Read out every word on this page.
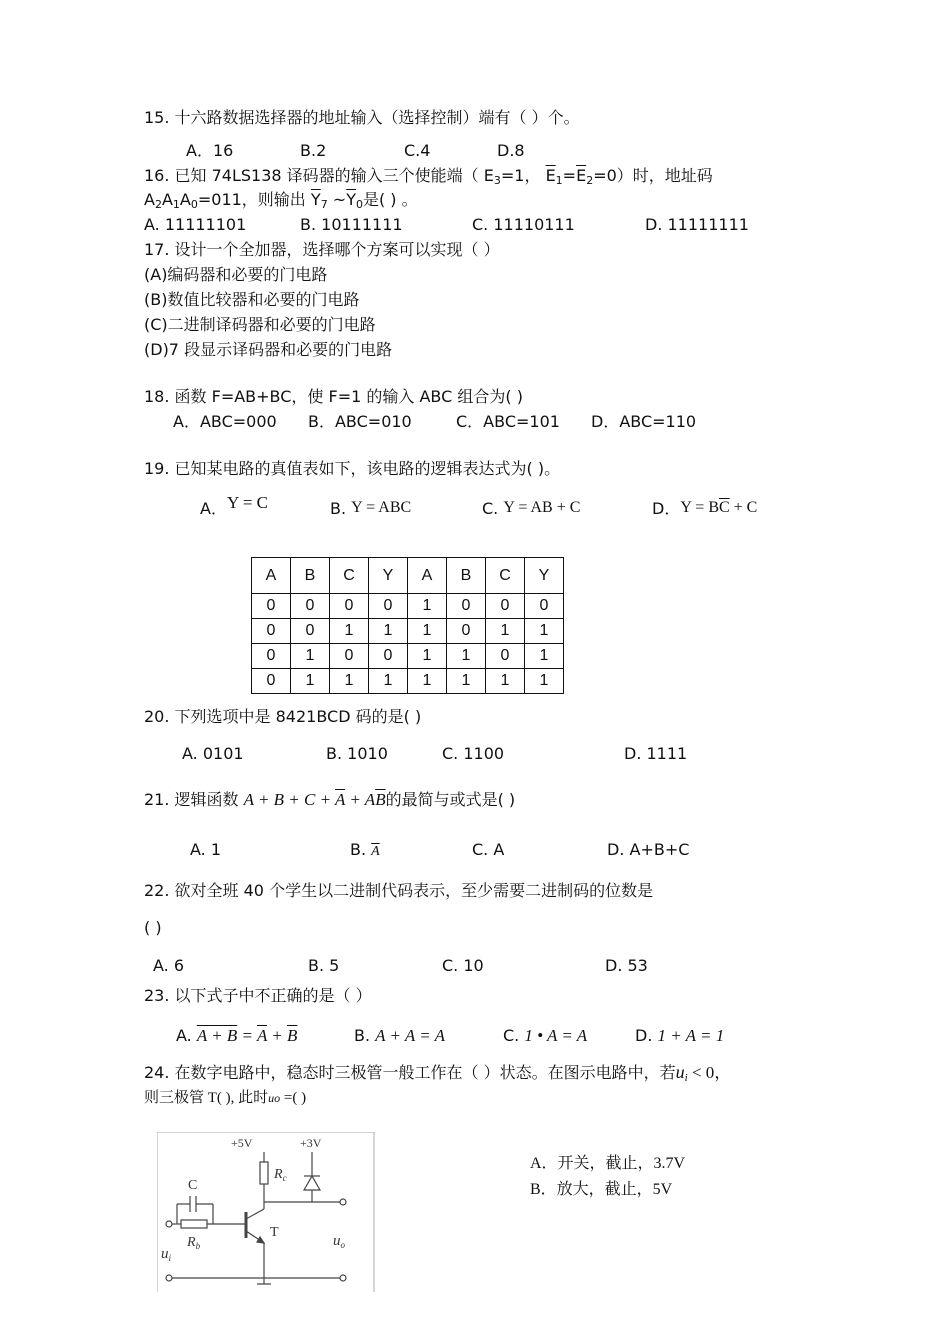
15. 十六路数据选择器的地址输入（选择控制）端有（ ）个。
A．16	B.2	C.4	D.8
16. 已知 74LS138 译码器的输入三个使能端（ $E_3=1$， $\overline{E}_1=\overline{E}_2=0$）时，地址码
$A_2A_1A_0=011$，则输出 $\overline{Y}_7$ $\sim\overline{Y}_0$是( ) 。
A. 11111101	B. 10111111	C. 11110111	D. 11111111
17. 设计一个全加器，选择哪个方案可以实现（ ）
(A)编码器和必要的门电路
(B)数值比较器和必要的门电路
(C)二进制译码器和必要的门电路
(D)7 段显示译码器和必要的门电路
18. 函数 F=AB+BC，使 F=1 的输入 ABC 组合为( )
A．ABC=000 B．ABC=010	C．ABC=101 D．ABC=110
19. 已知某电路的真值表如下，该电路的逻辑表达式为( )。
A．Y = C	B. Y = ABC	C. Y = AB + C	D．$Y = B\overline{C} + C$
A	B	C	Y	A	B	C	Y
0	0	0	0	1	0	0	0
0	0	1	1	1	0	1	1
0	1	0	0	1	1	0	1
0	1	1	1	1	1	1	1
20. 下列选项中是 8421BCD 码的是( )
A. 0101	B. 1010	C. 1100	D. 1111
21. 逻辑函数 $A + B + C + \overline{A} + A\overline{B}$的最简与或式是( )
A. 1	B. $\overline{A}$	C. A	D. A+B+C
22. 欲对全班 40 个学生以二进制代码表示，至少需要二进制码的位数是
( )
A. 6	B. 5	C. 10	D. 53
23. 以下式子中不正确的是（ ）
A. $A + B = \overline{A} + \overline{B}$	B. A + A = A	C. 1 • A = A	D. 1 + A = 1
24. 在数字电路中，稳态时三极管一般工作在（ ）状态。在图示电路中，若$u_i < 0$，
则三极管 T( ), 此时uo =( )
A．开关，截止，3.7V
B．放大，截止，5V
+5V	+3V
C
$R_c$
$R_b$
T
$u_o$
$u_i$
